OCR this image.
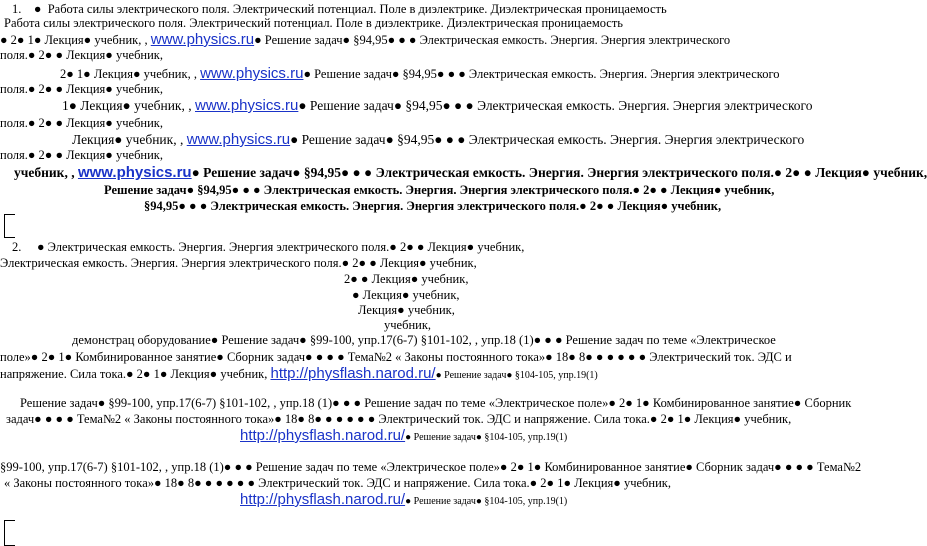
1. ● Работа силы электрического поля. Электрический потенциал. Поле в диэлектрике. Диэлектрическая проницаемость
Работа силы электрического поля. Электрический потенциал. Поле в диэлектрике. Диэлектрическая проницаемость
● 2● 1● Лекция● учебник, , www.physics.ru● Решение задач● §94,95● ● ● Электрическая емкость. Энергия. Энергия электрического
поля.● 2● ● Лекция● учебник,
2● 1● Лекция● учебник, , www.physics.ru● Решение задач● §94,95● ● ● Электрическая емкость. Энергия. Энергия электрического
поля.● 2● ● Лекция● учебник,
1● Лекция● учебник, , www.physics.ru● Решение задач● §94,95● ● ● Электрическая емкость. Энергия. Энергия электрического
поля.● 2● ● Лекция● учебник,
Лекция● учебник, , www.physics.ru● Решение задач● §94,95● ● ● Электрическая емкость. Энергия. Энергия электрического
поля.● 2● ● Лекция● учебник,
учебник, , www.physics.ru● Решение задач● §94,95● ● ● Электрическая емкость. Энергия. Энергия электрического поля.● 2● ● Лекция● учебник,
Решение задач● §94,95● ● ● Электрическая емкость. Энергия. Энергия электрического поля.● 2● ● Лекция● учебник,
§94,95● ● ● Электрическая емкость. Энергия. Энергия электрического поля.● 2● ● Лекция● учебник,
2. ● Электрическая емкость. Энергия. Энергия электрического поля.● 2● ● Лекция● учебник,
Электрическая емкость. Энергия. Энергия электрического поля.● 2● ● Лекция● учебник,
2● ● Лекция● учебник,
● Лекция● учебник,
Лекция● учебник,
учебник,
демонстрац оборудование● Решение задач● §99-100, упр.17(6-7) §101-102, , упр.18 (1)● ● ● Решение задач по теме «Электрическое
поле»● 2● 1● Комбинированное занятие● Сборник задач● ● ● ● Тема№2 « Законы постоянного тока»● 18● 8● ● ● ● ● ● Электрический ток. ЭДС и
напряжение. Сила тока.● 2● 1● Лекция● учебник, http://physflash.narod.ru/● Решение задач● §104-105, упр.19(1)
Решение задач● §99-100, упр.17(6-7) §101-102, , упр.18 (1)● ● ● Решение задач по теме «Электрическое поле»● 2● 1● Комбинированное занятие● Сборник
задач● ● ● ● Тема№2 « Законы постоянного тока»● 18● 8● ● ● ● ● ● Электрический ток. ЭДС и напряжение. Сила тока.● 2● 1● Лекция● учебник,
http://physflash.narod.ru/● Решение задач● §104-105, упр.19(1)
§99-100, упр.17(6-7) §101-102, , упр.18 (1)● ● ● Решение задач по теме «Электрическое поле»● 2● 1● Комбинированное занятие● Сборник задач● ● ● ● Тема№2
« Законы постоянного тока»● 18● 8● ● ● ● ● ● Электрический ток. ЭДС и напряжение. Сила тока.● 2● 1● Лекция● учебник,
http://physflash.narod.ru/● Решение задач● §104-105, упр.19(1)
